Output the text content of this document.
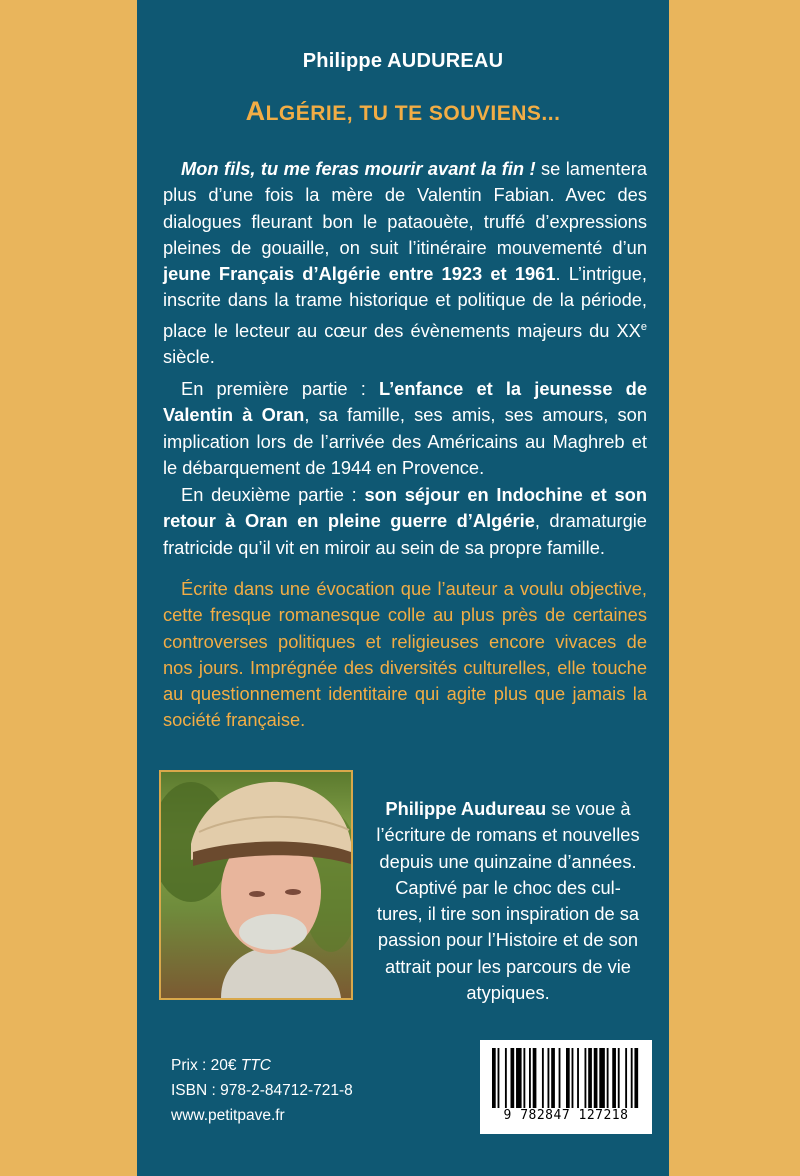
Philippe AUDUREAU
ALGÉRIE, TU TE SOUVIENS...
Mon fils, tu me feras mourir avant la fin ! se lamentera plus d’une fois la mère de Valentin Fabian. Avec des dialogues fleurant bon le pataouète, truffé d’expressions pleines de gouaille, on suit l’itinéraire mouvementé d’un jeune Français d’Algérie entre 1923 et 1961. L’intrigue, inscrite dans la trame historique et politique de la période, place le lecteur au cœur des évènements majeurs du XXe siècle.
En première partie : L’enfance et la jeunesse de Valentin à Oran, sa famille, ses amis, ses amours, son implication lors de l’arrivée des Américains au Maghreb et le débarquement de 1944 en Provence.
En deuxième partie : son séjour en Indochine et son retour à Oran en pleine guerre d’Algérie, dramaturgie fratricide qu’il vit en miroir au sein de sa propre famille.
Écrite dans une évocation que l’auteur a voulu objective, cette fresque romanesque colle au plus près de certaines controverses politiques et religieuses encore vivaces de nos jours. Imprégnée des diversités culturelles, elle touche au questionnement identitaire qui agite plus que jamais la société française.
Philippe Audureau se voue à
l’écriture de romans et nouvelles
depuis une quinzaine d’années.
Captivé par le choc des cul-
tures, il tire son inspiration de sa
passion pour l’Histoire et de son
attrait pour les parcours de vie
atypiques.
Prix : 20€ TTC
ISBN : 978-2-84712-721-8
www.petitpave.fr	9 782847 127218
